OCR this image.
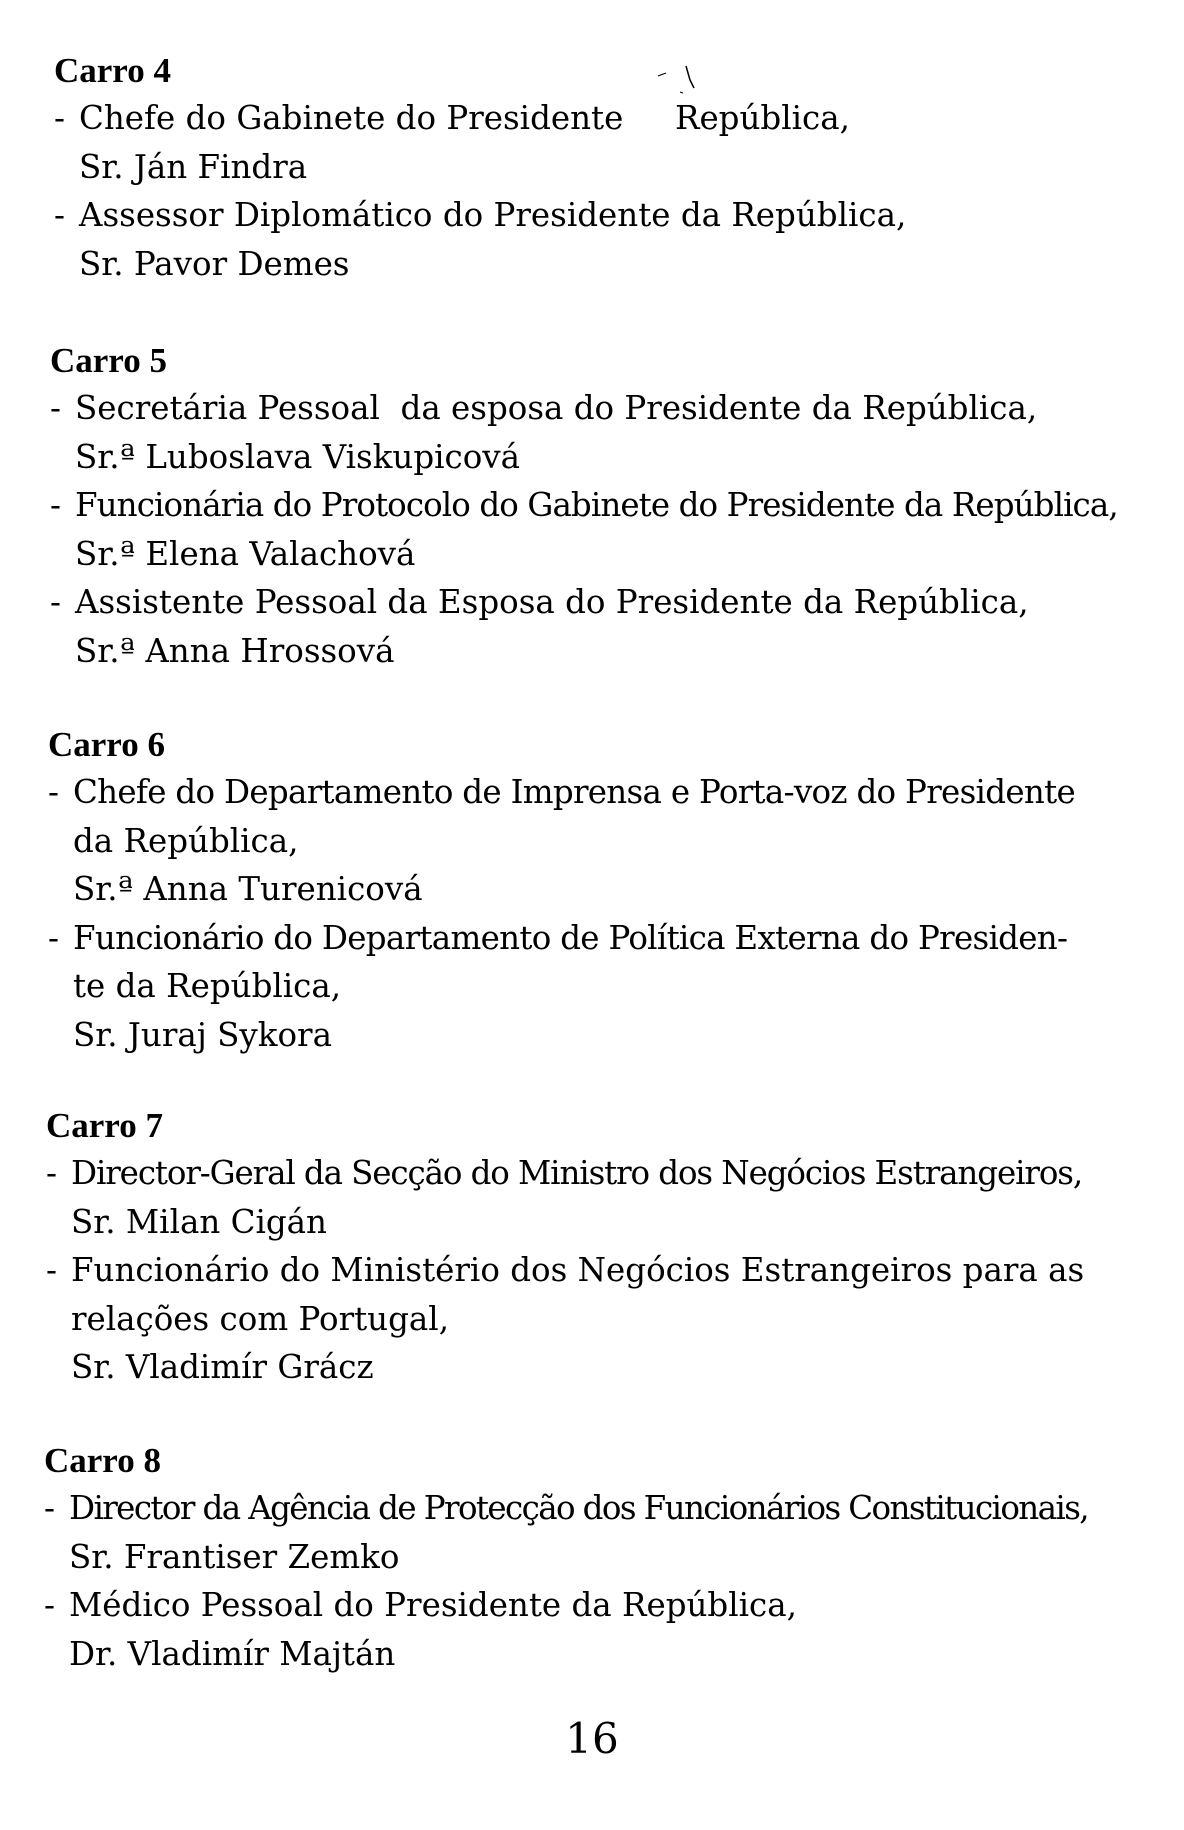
Carro 4
- Chefe do Gabinete do Presidente     República,
Sr. Ján Findra
- Assessor Diplomático do Presidente da República,
Sr. Pavor Demes
Carro 5
- Secretária Pessoal  da esposa do Presidente da República,
Sr.ª Luboslava Viskupicová
- Funcionária do Protocolo do Gabinete do Presidente da República,
Sr.ª Elena Valachová
- Assistente Pessoal da Esposa do Presidente da República,
Sr.ª Anna Hrossová
Carro 6
- Chefe do Departamento de Imprensa e Porta-voz do Presidente
da República,
Sr.ª Anna Turenicová
- Funcionário do Departamento de Política Externa do Presiden-
te da República,
Sr. Juraj Sykora
Carro 7
- Director-Geral da Secção do Ministro dos Negócios Estrangeiros,
Sr. Milan Cigán
- Funcionário do Ministério dos Negócios Estrangeiros para as
relações com Portugal,
Sr. Vladimír Grácz
Carro 8
- Director da Agência de Protecção dos Funcionários Constitucionais,
Sr. Frantiser Zemko
- Médico Pessoal do Presidente da República,
Dr. Vladimír Majtán
16
